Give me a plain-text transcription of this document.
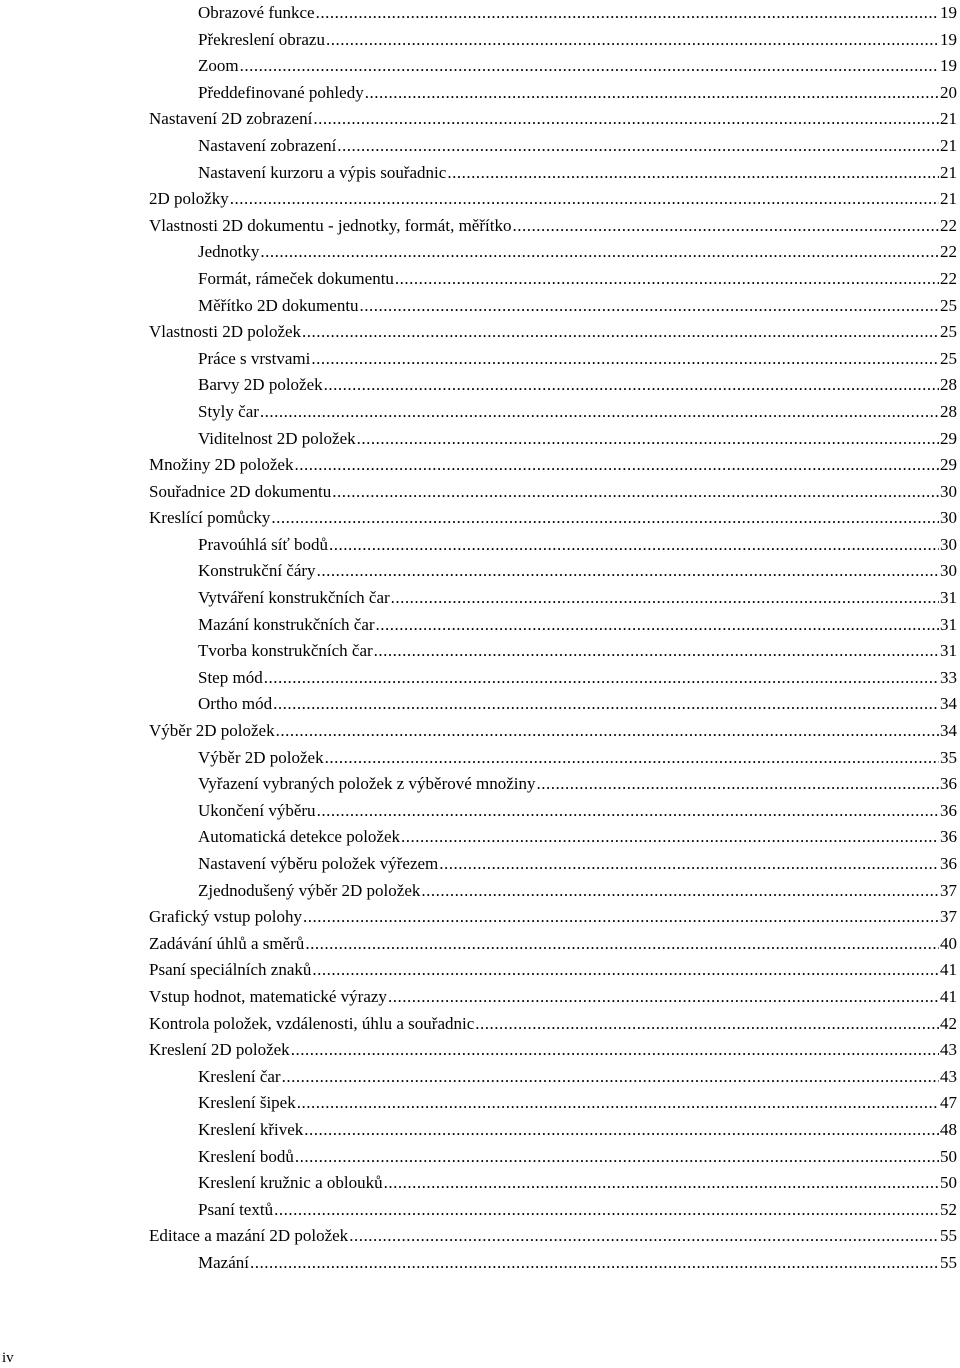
Obrazové funkce .....	19
Překreslení obrazu .....	19
Zoom .....	19
Předdefinované pohledy .....	20
Nastavení 2D zobrazení .....	21
Nastavení zobrazení .....	21
Nastavení kurzoru a výpis souřadnic .....	21
2D položky .....	21
Vlastnosti 2D dokumentu - jednotky, formát, měřítko .....	22
Jednotky .....	22
Formát, rámeček dokumentu .....	22
Měřítko 2D dokumentu .....	25
Vlastnosti 2D položek .....	25
Práce s vrstvami .....	25
Barvy 2D položek .....	28
Styly čar .....	28
Viditelnost 2D položek .....	29
Množiny 2D položek .....	29
Souřadnice 2D dokumentu .....	30
Kreslící pomůcky .....	30
Pravoúhlá síť bodů .....	30
Konstrukční čáry .....	30
Vytváření konstrukčních čar .....	31
Mazání konstrukčních čar .....	31
Tvorba konstrukčních čar .....	31
Step mód .....	33
Ortho mód .....	34
Výběr 2D položek .....	34
Výběr 2D položek .....	35
Vyřazení vybraných položek z výběrové množiny .....	36
Ukončení výběru .....	36
Automatická detekce položek .....	36
Nastavení výběru položek výřezem .....	36
Zjednodušený výběr 2D položek .....	37
Grafický vstup polohy .....	37
Zadávání úhlů a směrů .....	40
Psaní speciálních znaků .....	41
Vstup hodnot, matematické výrazy .....	41
Kontrola položek, vzdálenosti, úhlu a souřadnic .....	42
Kreslení 2D položek .....	43
Kreslení čar .....	43
Kreslení šipek .....	47
Kreslení křivek .....	48
Kreslení bodů .....	50
Kreslení kružnic a oblouků .....	50
Psaní textů .....	52
Editace a mazání 2D položek .....	55
Mazání .....	55
iv
